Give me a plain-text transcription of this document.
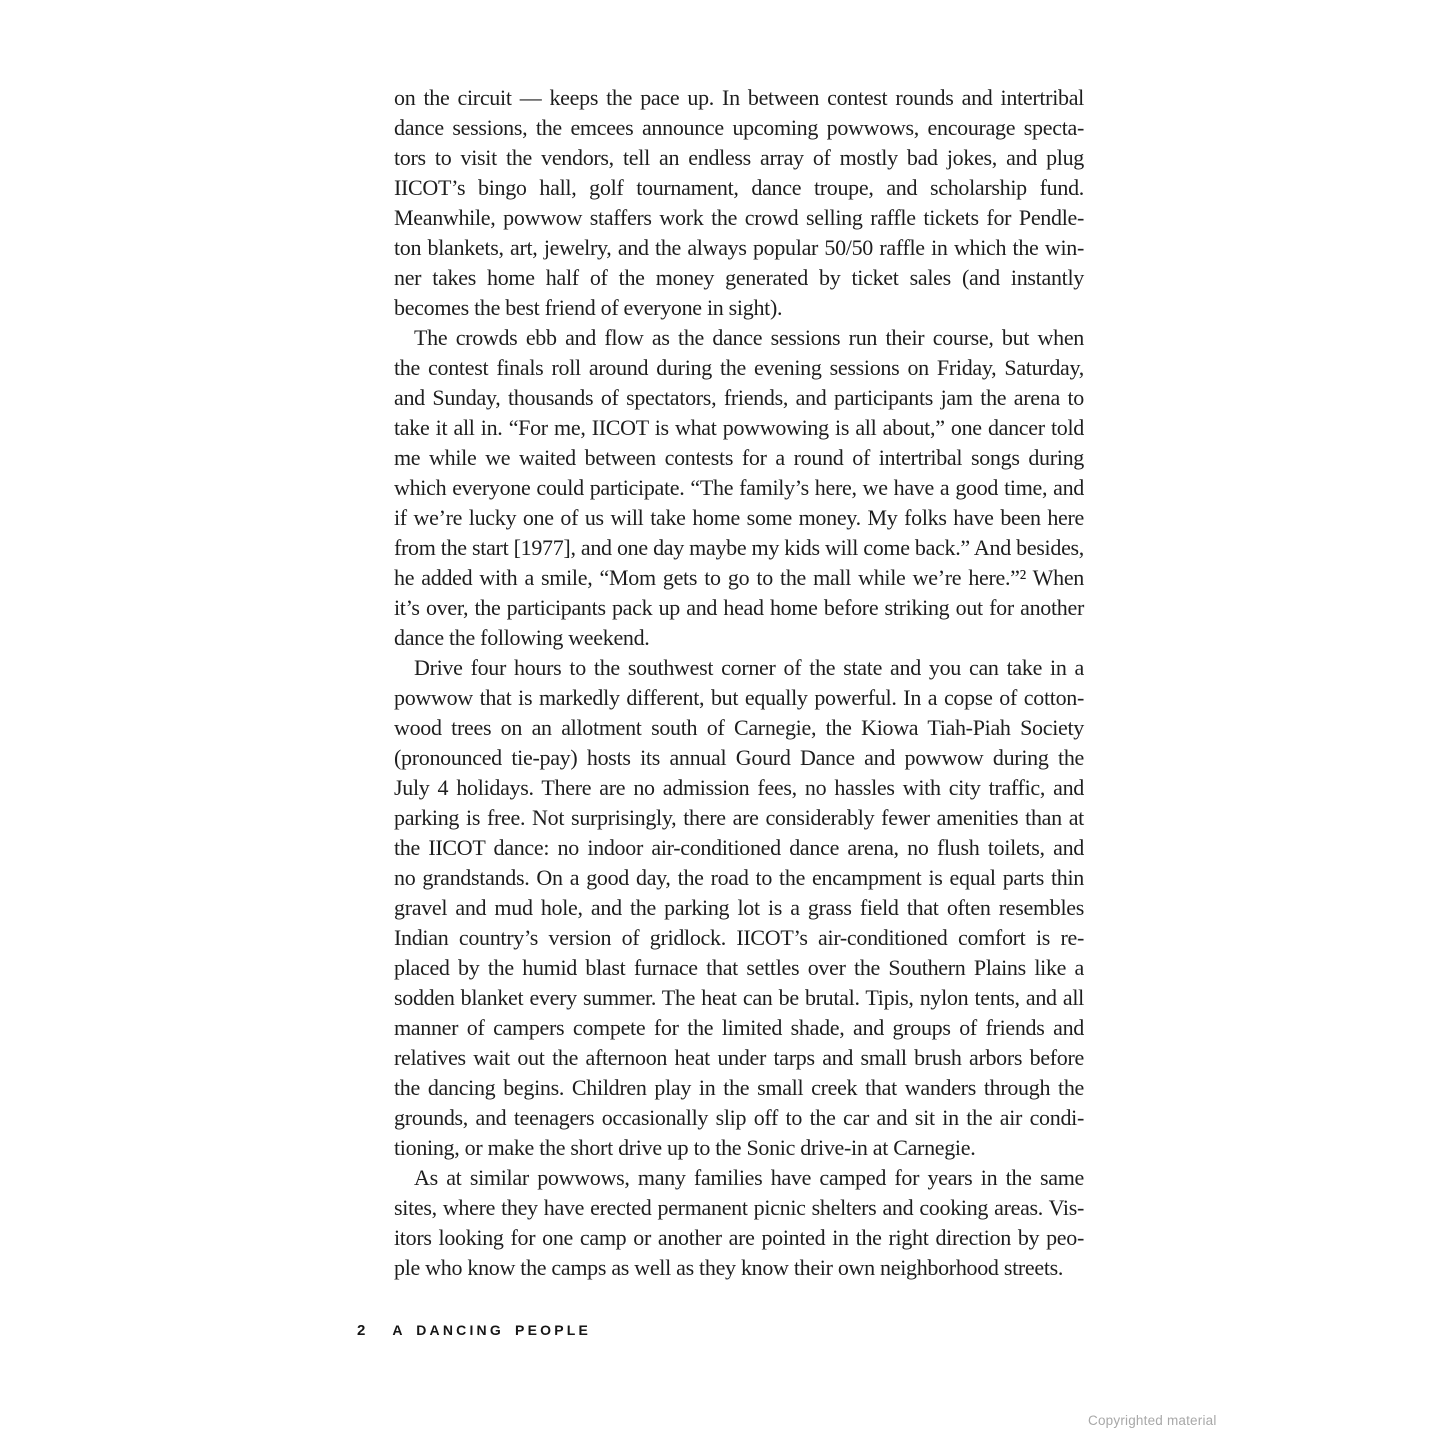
on the circuit — keeps the pace up. In between contest rounds and intertribal
dance sessions, the emcees announce upcoming powwows, encourage specta-
tors to visit the vendors, tell an endless array of mostly bad jokes, and plug
IICOT’s bingo hall, golf tournament, dance troupe, and scholarship fund.
Meanwhile, powwow staffers work the crowd selling raffle tickets for Pendle-
ton blankets, art, jewelry, and the always popular 50/50 raffle in which the win-
ner takes home half of the money generated by ticket sales (and instantly
becomes the best friend of everyone in sight).
The crowds ebb and flow as the dance sessions run their course, but when
the contest finals roll around during the evening sessions on Friday, Saturday,
and Sunday, thousands of spectators, friends, and participants jam the arena to
take it all in. “For me, IICOT is what powwowing is all about,” one dancer told
me while we waited between contests for a round of intertribal songs during
which everyone could participate. “The family’s here, we have a good time, and
if we’re lucky one of us will take home some money. My folks have been here
from the start [1977], and one day maybe my kids will come back.” And besides,
he added with a smile, “Mom gets to go to the mall while we’re here.”² When
it’s over, the participants pack up and head home before striking out for another
dance the following weekend.
Drive four hours to the southwest corner of the state and you can take in a
powwow that is markedly different, but equally powerful. In a copse of cotton-
wood trees on an allotment south of Carnegie, the Kiowa Tiah-Piah Society
(pronounced tie-pay) hosts its annual Gourd Dance and powwow during the
July 4 holidays. There are no admission fees, no hassles with city traffic, and
parking is free. Not surprisingly, there are considerably fewer amenities than at
the IICOT dance: no indoor air-conditioned dance arena, no flush toilets, and
no grandstands. On a good day, the road to the encampment is equal parts thin
gravel and mud hole, and the parking lot is a grass field that often resembles
Indian country’s version of gridlock. IICOT’s air-conditioned comfort is re-
placed by the humid blast furnace that settles over the Southern Plains like a
sodden blanket every summer. The heat can be brutal. Tipis, nylon tents, and all
manner of campers compete for the limited shade, and groups of friends and
relatives wait out the afternoon heat under tarps and small brush arbors before
the dancing begins. Children play in the small creek that wanders through the
grounds, and teenagers occasionally slip off to the car and sit in the air condi-
tioning, or make the short drive up to the Sonic drive-in at Carnegie.
As at similar powwows, many families have camped for years in the same
sites, where they have erected permanent picnic shelters and cooking areas. Vis-
itors looking for one camp or another are pointed in the right direction by peo-
ple who know the camps as well as they know their own neighborhood streets.
2 A DANCING PEOPLE
Copyrighted material
